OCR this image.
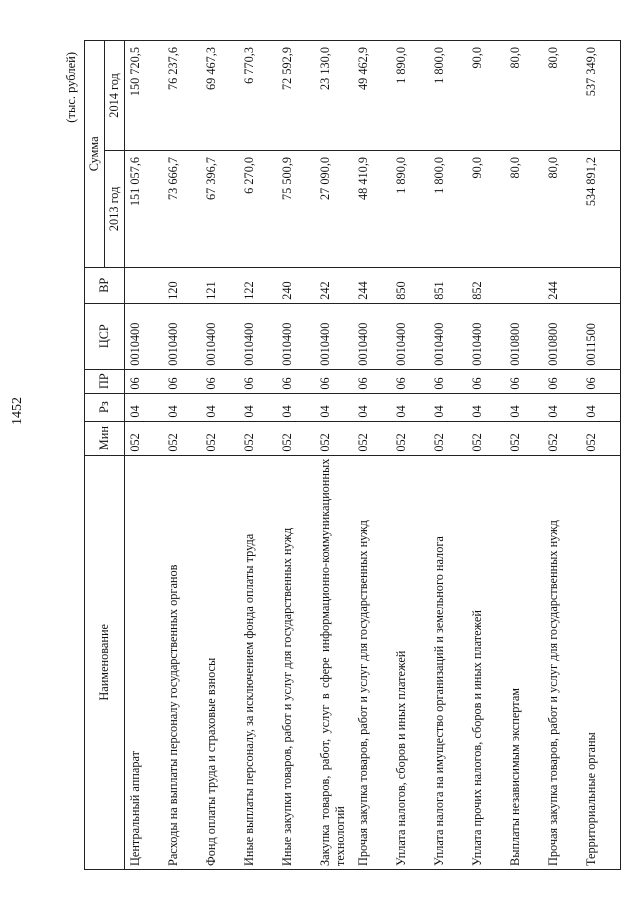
1452
(тыс. рублей)
Наименование	Мин	Рз	ПР	ЦСР	ВР	Сумма	
						2013 год	2014 год
Центральный аппарат	052	04	06	0010400		151 057,6	150 720,5
Расходы на выплаты персоналу государственных органов	052	04	06	0010400	120	73 666,7	76 237,6
Фонд оплаты труда и страховые взносы	052	04	06	0010400	121	67 396,7	69 467,3
Иные выплаты персоналу, за исключением фонда оплаты труда	052	04	06	0010400	122	6 270,0	6 770,3
Иные закупки товаров, работ и услуг для государственных нужд	052	04	06	0010400	240	75 500,9	72 592,9
Закупка товаров, работ, услуг в сфере информационно-коммуникационных технологий	052	04	06	0010400	242	27 090,0	23 130,0
Прочая закупка товаров, работ и услуг для государственных нужд	052	04	06	0010400	244	48 410,9	49 462,9
Уплата налогов, сборов и иных платежей	052	04	06	0010400	850	1 890,0	1 890,0
Уплата налога на имущество организаций и земельного налога	052	04	06	0010400	851	1 800,0	1 800,0
Уплата прочих налогов, сборов и иных платежей	052	04	06	0010400	852	90,0	90,0
Выплаты независимым экспертам	052	04	06	0010800		80,0	80,0
Прочая закупка товаров, работ и услуг для государственных нужд	052	04	06	0010800	244	80,0	80,0
Территориальные органы	052	04	06	0011500		534 891,2	537 349,0
